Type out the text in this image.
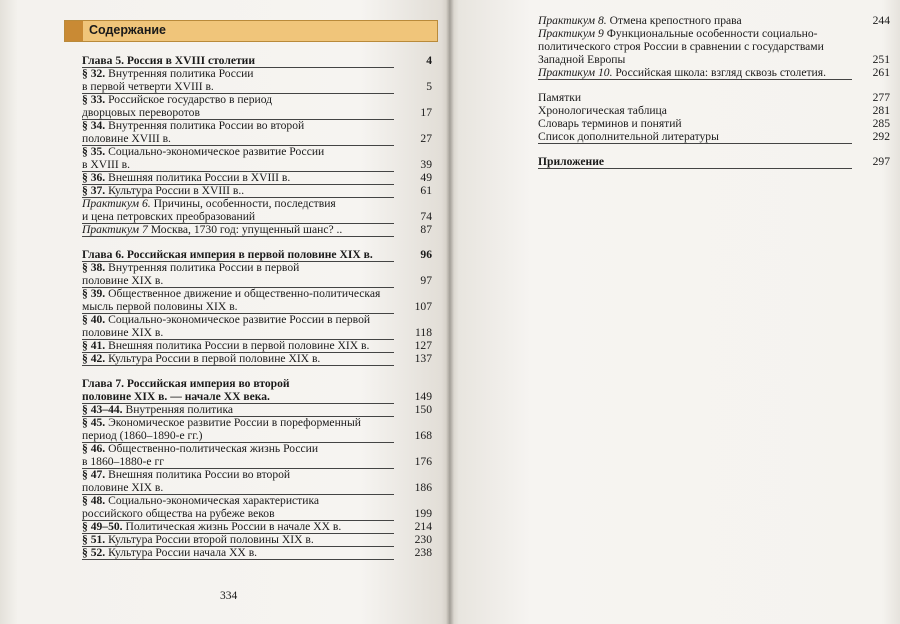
Содержание
Глава 5. Россия в XVIII столетии	4
§ 32. Внутренняя политика России
в первой четверти XVIII в.	5
§ 33. Российское государство в период
дворцовых переворотов	17
§ 34. Внутренняя политика России во второй
половине XVIII в.	27
§ 35. Социально-экономическое развитие России
в XVIII в.	39
§ 36. Внешняя политика России в XVIII в.	49
§ 37. Культура России в XVIII в..	61
Практикум 6. Причины, особенности, последствия
и цена петровских преобразований	74
Практикум 7 Москва, 1730 год: упущенный шанс? ..	87
Глава 6. Российская империя в первой половине XIX в.	96
§ 38. Внутренняя политика России в первой
половине XIX в.	97
§ 39. Общественное движение и общественно-политическая
мысль первой половины XIX в.	107
§ 40. Социально-экономическое развитие России в первой
половине XIX в.	118
§ 41. Внешняя политика России в первой половине XIX в.	127
§ 42. Культура России в первой половине XIX в.	137
Глава 7. Российская империя во второй
половине XIX в. — начале XX века.	149
§ 43–44. Внутренняя политика	150
§ 45. Экономическое развитие России в пореформенный
период (1860–1890-е гг.)	168
§ 46. Общественно-политическая жизнь России
в 1860–1880-е гг	176
§ 47. Внешняя политика России во второй
половине XIX в.	186
§ 48. Социально-экономическая характеристика
российского общества на рубеже веков	199
§ 49–50. Политическая жизнь России в начале XX в.	214
§ 51. Культура России второй половины XIX в.	230
§ 52. Культура России начала XX в.	238
334
Практикум 8. Отмена крепостного права	244
Практикум 9 Функциональные особенности социально-
политического строя России в сравнении с государствами
Западной Европы	251
Практикум 10. Российская школа: взгляд сквозь столетия.	261
Памятки	277
Хронологическая таблица	281
Словарь терминов и понятий	285
Список дополнительной литературы	292
Приложение	297
